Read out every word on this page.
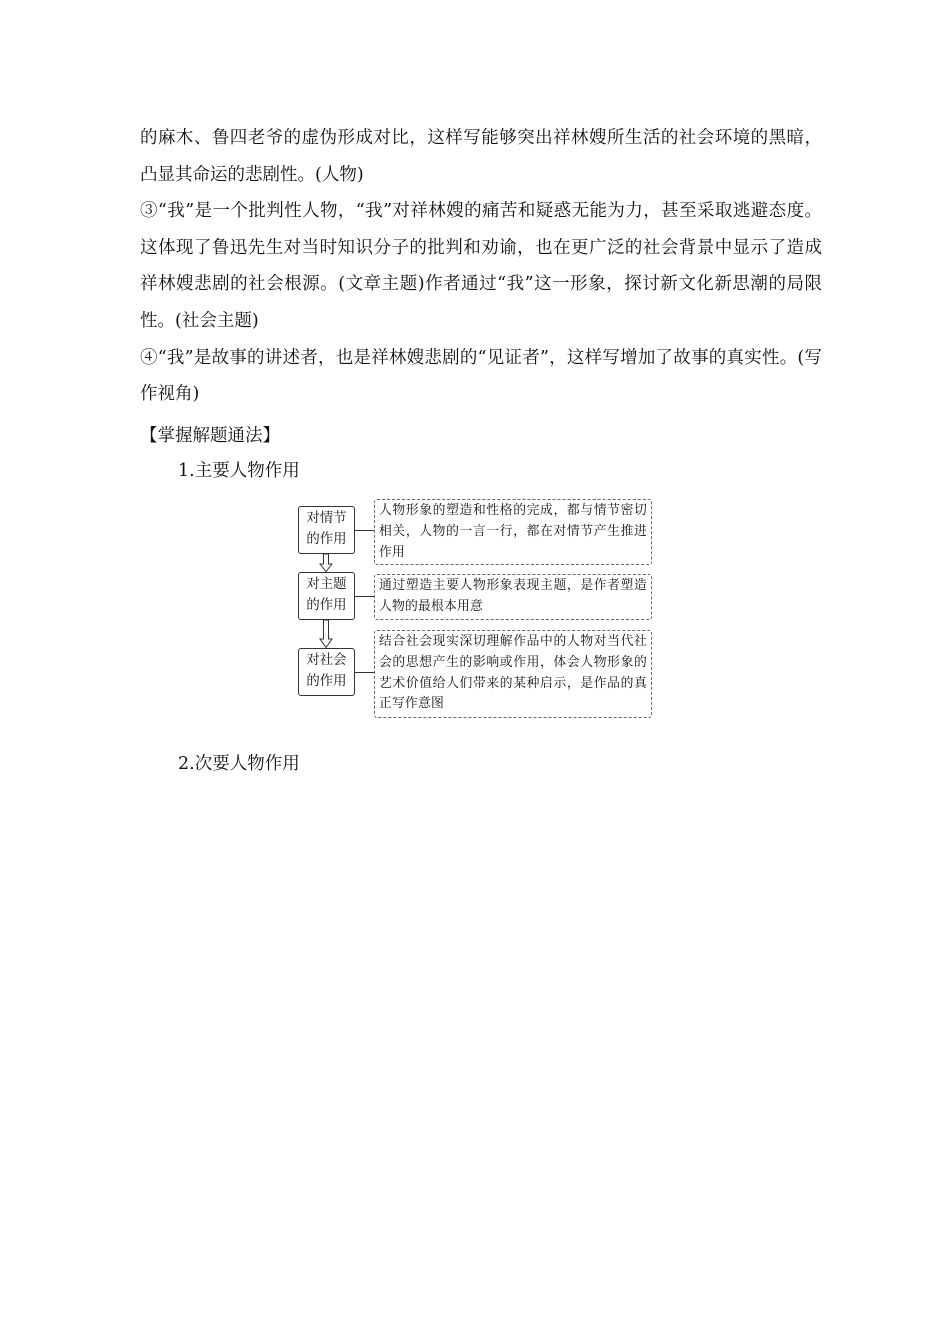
的麻木、鲁四老爷的虚伪形成对比，这样写能够突出祥林嫂所生活的社会环境的黑暗，凸显其命运的悲剧性。(人物)

③“我”是一个批判性人物，“我”对祥林嫂的痛苦和疑惑无能为力，甚至采取逃避态度。这体现了鲁迅先生对当时知识分子的批判和劝谕，也在更广泛的社会背景中显示了造成祥林嫂悲剧的社会根源。(文章主题)作者通过“我”这一形象，探讨新文化新思潮的局限性。(社会主题)

④“我”是故事的讲述者，也是祥林嫂悲剧的“见证者”，这样写增加了故事的真实性。(写作视角)

【掌握解题通法】
1.主要人物作用
对情节
的作用
对主题
的作用
对社会
的作用
人物形象的塑造和性格的完成，都与情节密切相关，人物的一言一行，都在对情节产生推进作用
通过塑造主要人物形象表现主题，是作者塑造人物的最根本用意
结合社会现实深切理解作品中的人物对当代社会的思想产生的影响或作用，体会人物形象的艺术价值给人们带来的某种启示，是作品的真正写作意图
2.次要人物作用
